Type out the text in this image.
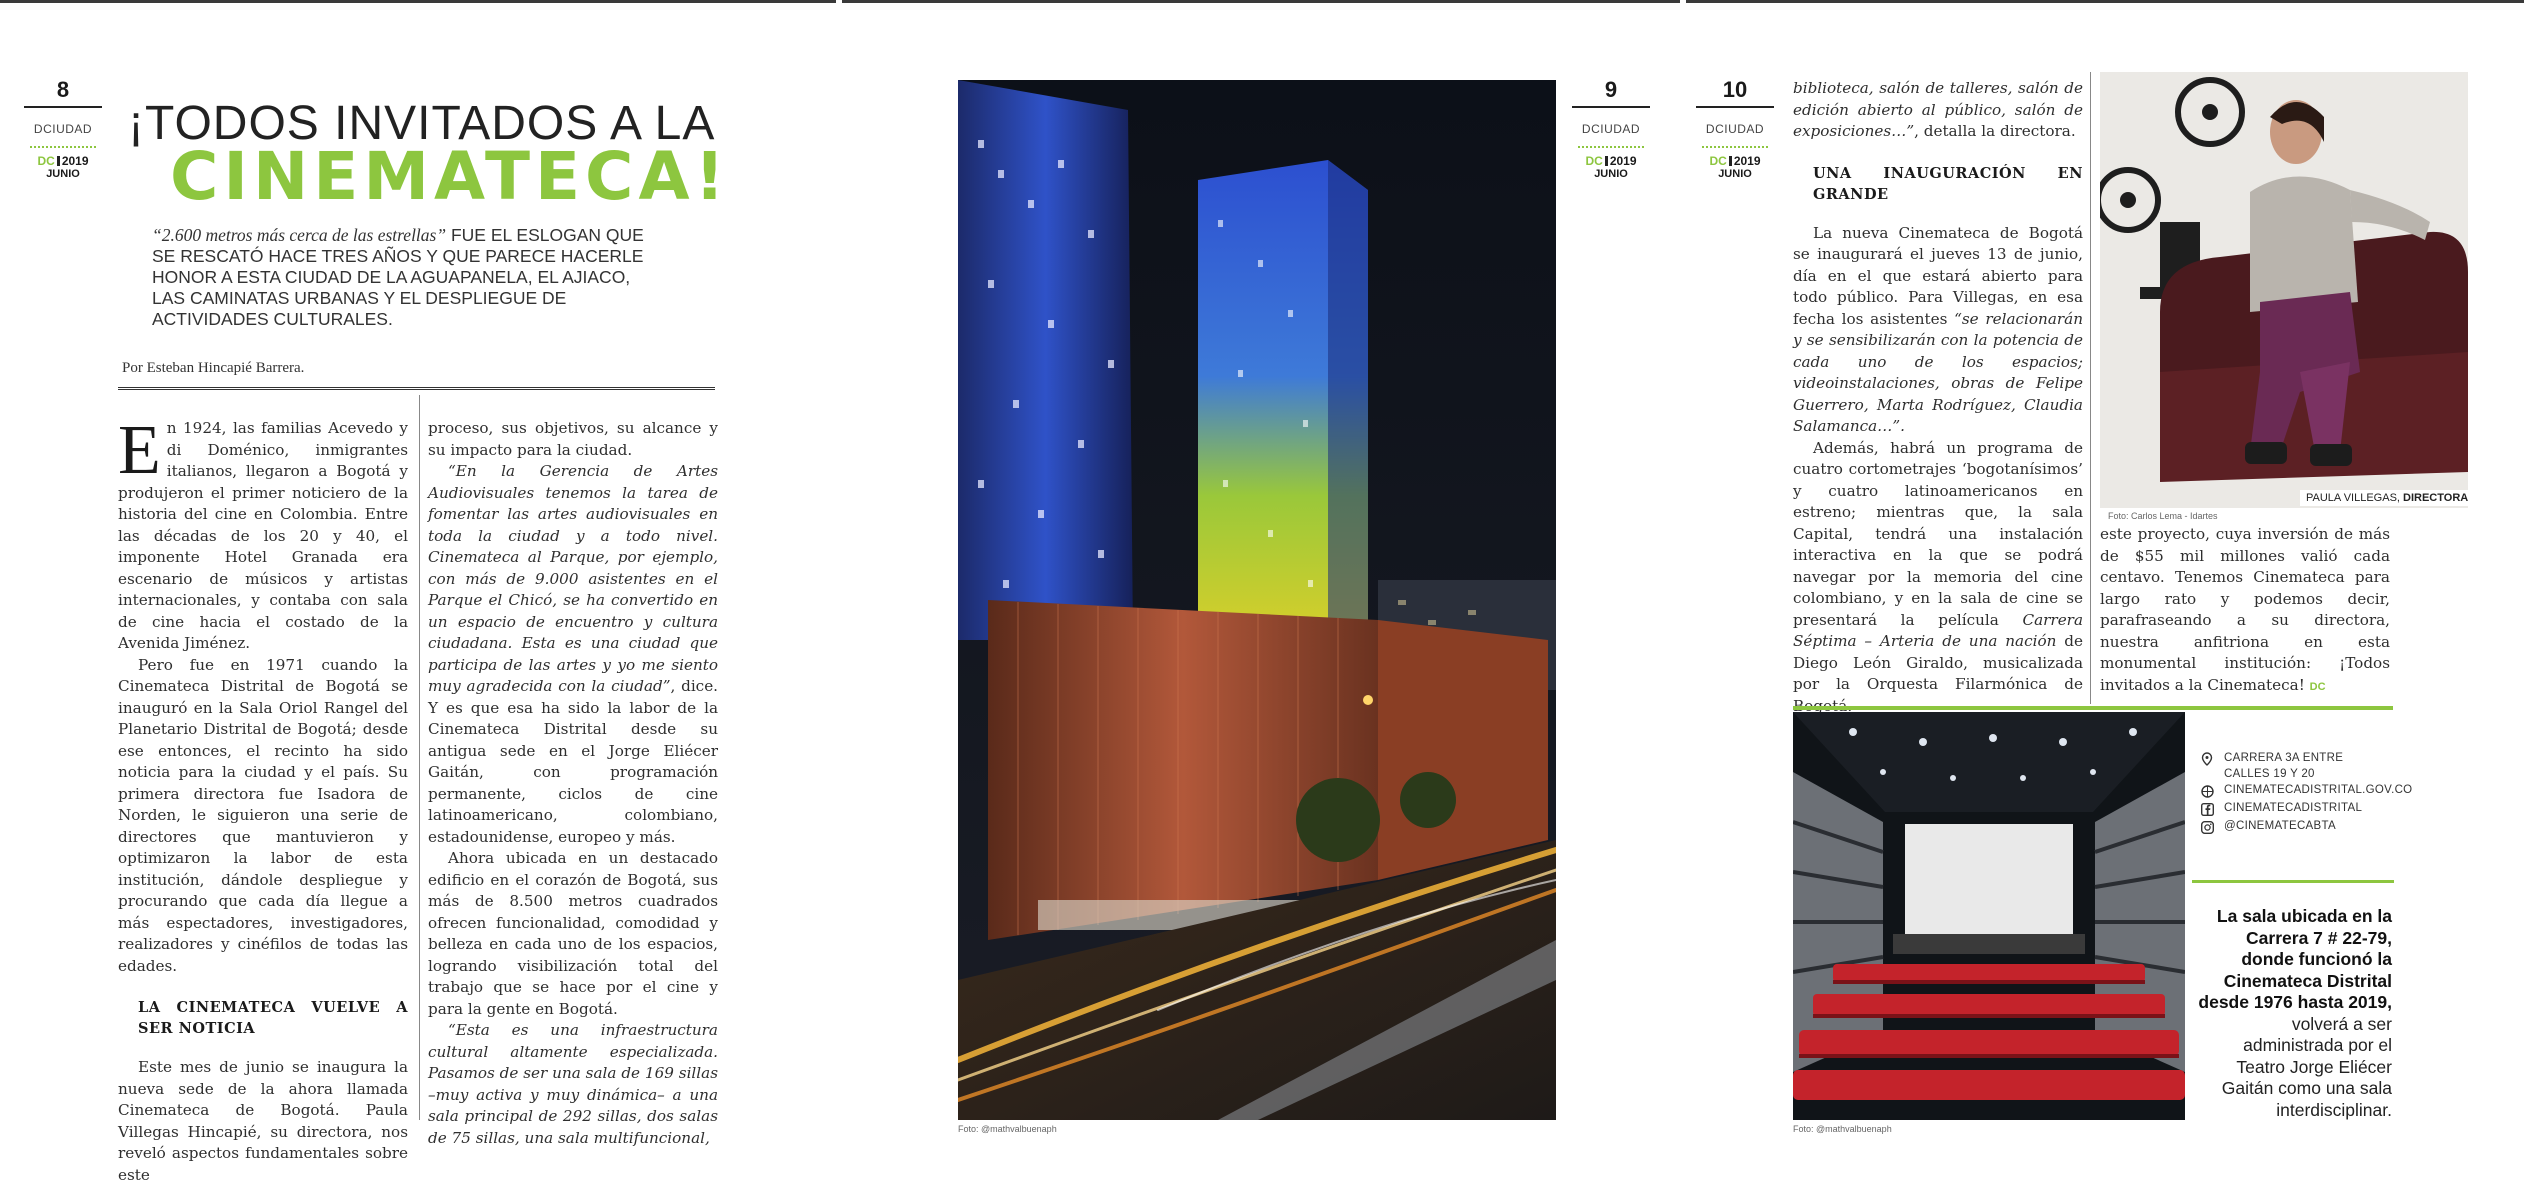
8
DCIUDAD
DC 2019
JUNIO
¡TODOS INVITADOS A LA
CINEMATECA!
“2.600 metros más cerca de las estrellas” FUE EL ESLOGAN QUE SE RESCATÓ HACE TRES AÑOS Y QUE PARECE HACERLE HONOR A ESTA CIUDAD DE LA AGUAPANELA, EL AJIACO, LAS CAMINATAS URBANAS Y EL DESPLIEGUE DE ACTIVIDADES CULTURALES.
Por Esteban Hincapié Barrera.

En 1924, las familias Acevedo y di Doménico, inmigrantes italianos, llegaron a Bogotá y produjeron el primer noticiero de la historia del cine en Colombia. Entre las décadas de los 20 y 40, el imponente Hotel Granada era escenario de músicos y artistas internacionales, y contaba con sala de cine hacia el costado de la Avenida Jiménez.

Pero fue en 1971 cuando la Cinemateca Distrital de Bogotá se inauguró en la Sala Oriol Rangel del Planetario Distrital de Bogotá; desde ese entonces, el recinto ha sido noticia para la ciudad y el país. Su primera directora fue Isadora de Norden, le siguieron una serie de directores que mantuvieron y optimizaron la labor de esta institución, dándole despliegue y procurando que cada día llegue a más espectadores, investigadores, realizadores y cinéfilos de todas las edades.

LA CINEMATECA VUELVE A SER NOTICIA

Este mes de junio se inaugura la nueva sede de la ahora llamada Cinemateca de Bogotá. Paula Villegas Hincapié, su directora, nos reveló aspectos fundamentales sobre este

proceso, sus objetivos, su alcance y su impacto para la ciudad.

“En la Gerencia de Artes Audiovisuales tenemos la tarea de fomentar las artes audiovisuales en toda la ciudad y a todo nivel. Cinemateca al Parque, por ejemplo, con más de 9.000 asistentes en el Parque el Chicó, se ha convertido en un espacio de encuentro y cultura ciudadana. Esta es una ciudad que participa de las artes y yo me siento muy agradecida con la ciudad”, dice. Y es que esa ha sido la labor de la Cinemateca Distrital desde su antigua sede en el Jorge Eliécer Gaitán, con programación permanente, ciclos de cine latinoamericano, colombiano, estadounidense, europeo y más.

Ahora ubicada en un destacado edificio en el corazón de Bogotá, sus más de 8.500 metros cuadrados ofrecen funcionalidad, comodidad y belleza en cada uno de los espacios, logrando visibilización total del trabajo que se hace por el cine y para la gente en Bogotá.

“Esta es una infraestructura cultural altamente especializada. Pasamos de ser una sala de 169 sillas –muy activa y muy dinámica– a una sala principal de 292 sillas, dos salas de 75 sillas, una sala multifuncional,	Foto: @mathvalbuenaph
9
DCIUDAD
DC 2019
JUNIO
10
DCIUDAD
DC 2019
JUNIO

biblioteca, salón de talleres, salón de edición abierto al público, salón de exposiciones…”, detalla la directora.

UNA INAUGURACIÓN EN GRANDE

La nueva Cinemateca de Bogotá se inaugurará el jueves 13 de junio, día en el que estará abierto para todo público. Para Villegas, en esa fecha los asistentes “se relacionarán y se sensibilizarán con la potencia de cada uno de los espacios; videoinstalaciones, obras de Felipe Guerrero, Marta Rodríguez, Claudia Salamanca…”.

Además, habrá un programa de cuatro cortometrajes ‘bogotanísimos’ y cuatro latinoamericanos en estreno; mientras que, la sala Capital, tendrá una instalación interactiva en la que se podrá navegar por la memoria del cine colombiano, y en la sala de cine se presentará la película Carrera Séptima – Arteria de una nación de Diego León Giraldo, musicalizada por la Orquesta Filarmónica de

PAULA VILLEGAS, DIRECTORA
Foto: Carlos Lema - Idartes

este proyecto, cuya inversión de más de $55 mil millones valió cada centavo. Tenemos Cinemateca para largo rato y podemos decir, parafraseando a su directora, nuestra anfitriona en esta monumental institución: ¡Todos invitados a la Cinemateca! DC

Foto: @mathvalbuenaph
CARRERA 3A ENTRE
CALLES 19 Y 20
CINEMATECADISTRITAL.GOV.CO
CINEMATECADISTRITAL
@CINEMATECABTA
La sala ubicada en la Carrera 7 # 22-79, donde funcionó la Cinemateca Distrital desde 1976 hasta 2019, volverá a ser administrada por el Teatro Jorge Eliécer Gaitán como una sala interdisciplinar.
